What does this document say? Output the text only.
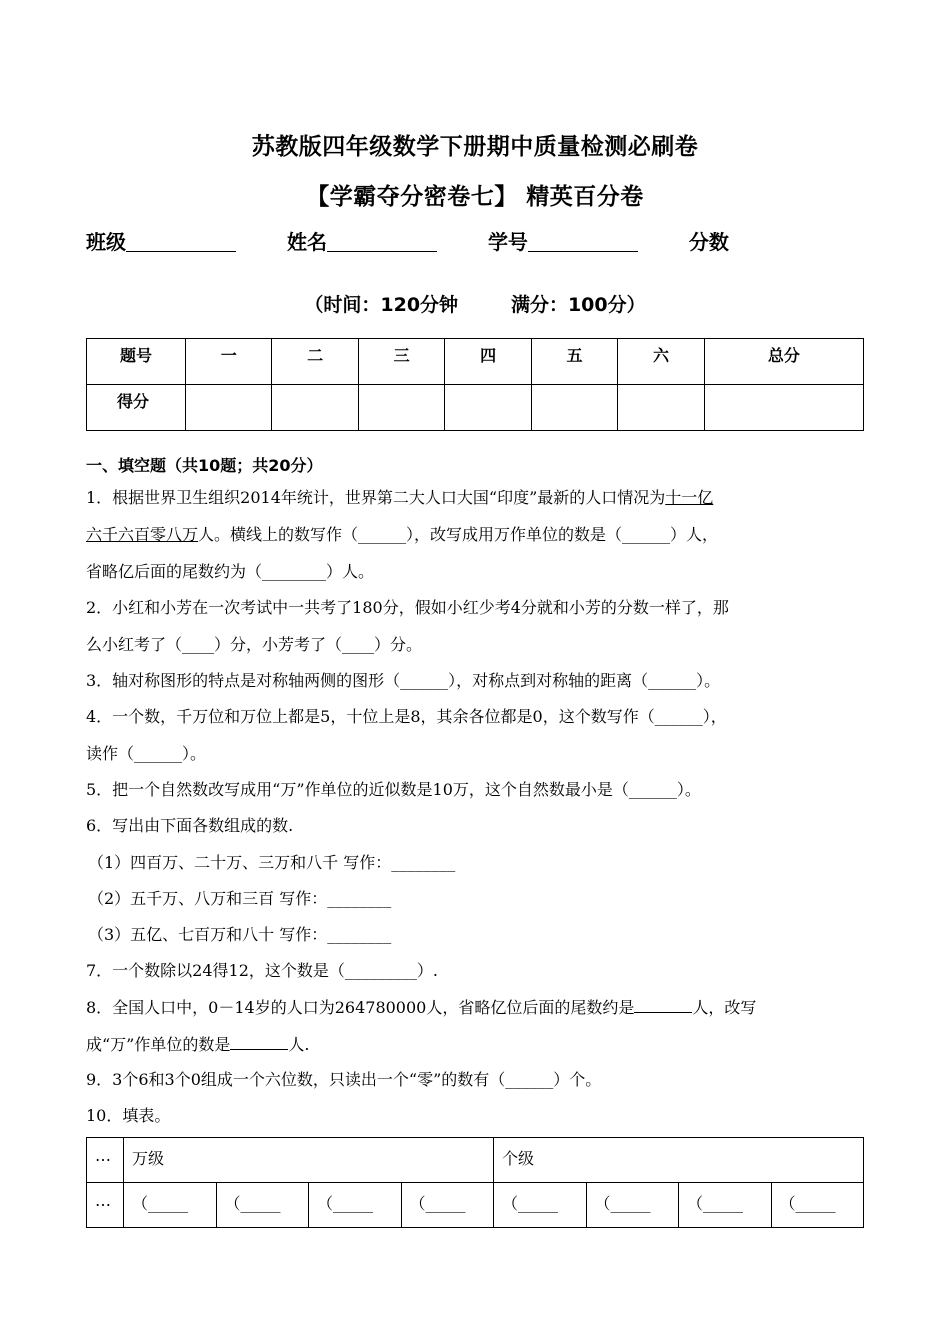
苏教版四年级数学下册期中质量检测必刷卷
【学霸夺分密卷七】 精英百分卷
班级	姓名	学号	分数
（时间：120分钟        满分：100分）
题号	一	二	三	四	五	六	总分
得分							
一、填空题（共10题；共20分）
1．根据世界卫生组织2014年统计，世界第二大人口大国“印度”最新的人口情况为十一亿
六千六百零八万人。横线上的数写作（______），改写成用万作单位的数是（______）人，
省略亿后面的尾数约为（________）人。
2．小红和小芳在一次考试中一共考了180分，假如小红少考4分就和小芳的分数一样了，那
么小红考了（____）分，小芳考了（____）分。
3．轴对称图形的特点是对称轴两侧的图形（______），对称点到对称轴的距离（______）。
4．一个数，千万位和万位上都是5，十位上是8，其余各位都是0，这个数写作（______），
读作（______）。
5．把一个自然数改写成用“万”作单位的近似数是10万，这个自然数最小是（______）。
6．写出由下面各数组成的数.
（1）四百万、二十万、三万和八千 写作：________
（2）五千万、八万和三百 写作：________
（3）五亿、七百万和八十 写作：________
7．一个数除以24得12，这个数是（_________）.
8．全国人口中，0－14岁的人口为264780000人，省略亿位后面的尾数约是	人，改写
成“万”作单位的数是	人.
9．3个6和3个0组成一个六位数，只读出一个“零”的数有（______）个。
10．填表。
…	万级				个级			
…	（_____	（_____	（_____	（_____	（_____	（_____	（_____	（_____
